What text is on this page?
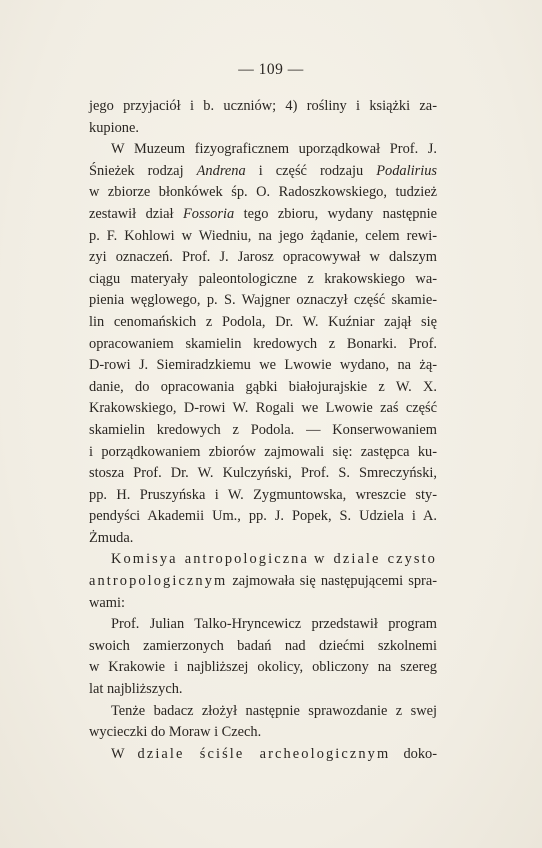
— 109 —
jego przyjaciół i b. uczniów; 4) rośliny i książki za-
kupione.
W Muzeum fizyograficznem uporządkował Prof. J.
Śnieżek rodzaj Andrena i część rodzaju Podalirius
w zbiorze błonkówek śp. O. Radoszkowskiego, tudzież
zestawił dział Fossoria tego zbioru, wydany następnie
p. F. Kohlowi w Wiedniu, na jego żądanie, celem rewi-
zyi oznaczeń. Prof. J. Jarosz opracowywał w dalszym
ciągu materyały paleontologiczne z krakowskiego wa-
pienia węglowego, p. S. Wajgner oznaczył część skamie-
lin cenomańskich z Podola, Dr. W. Kuźniar zajął się
opracowaniem skamielin kredowych z Bonarki. Prof.
D-rowi J. Siemiradzkiemu we Lwowie wydano, na żą-
danie, do opracowania gąbki białojurajskie z W. X.
Krakowskiego, D-rowi W. Rogali we Lwowie zaś część
skamielin kredowych z Podola. — Konserwowaniem
i porządkowaniem zbiorów zajmowali się: zastępca ku-
stosza Prof. Dr. W. Kulczyński, Prof. S. Smreczyński,
pp. H. Pruszyńska i W. Zygmuntowska, wreszcie sty-
pendyści Akademii Um., pp. J. Popek, S. Udziela i A.
Żmuda.
Komisya antropologiczna w dziale czysto
antropologicznym zajmowała się następującemi spra-
wami:
Prof. Julian Talko-Hryncewicz przedstawił program
swoich zamierzonych badań nad dziećmi szkolnemi
w Krakowie i najbliższej okolicy, obliczony na szereg
lat najbliższych.
Tenże badacz złożył następnie sprawozdanie z swej
wycieczki do Moraw i Czech.
W dziale ściśle archeologicznym doko-
